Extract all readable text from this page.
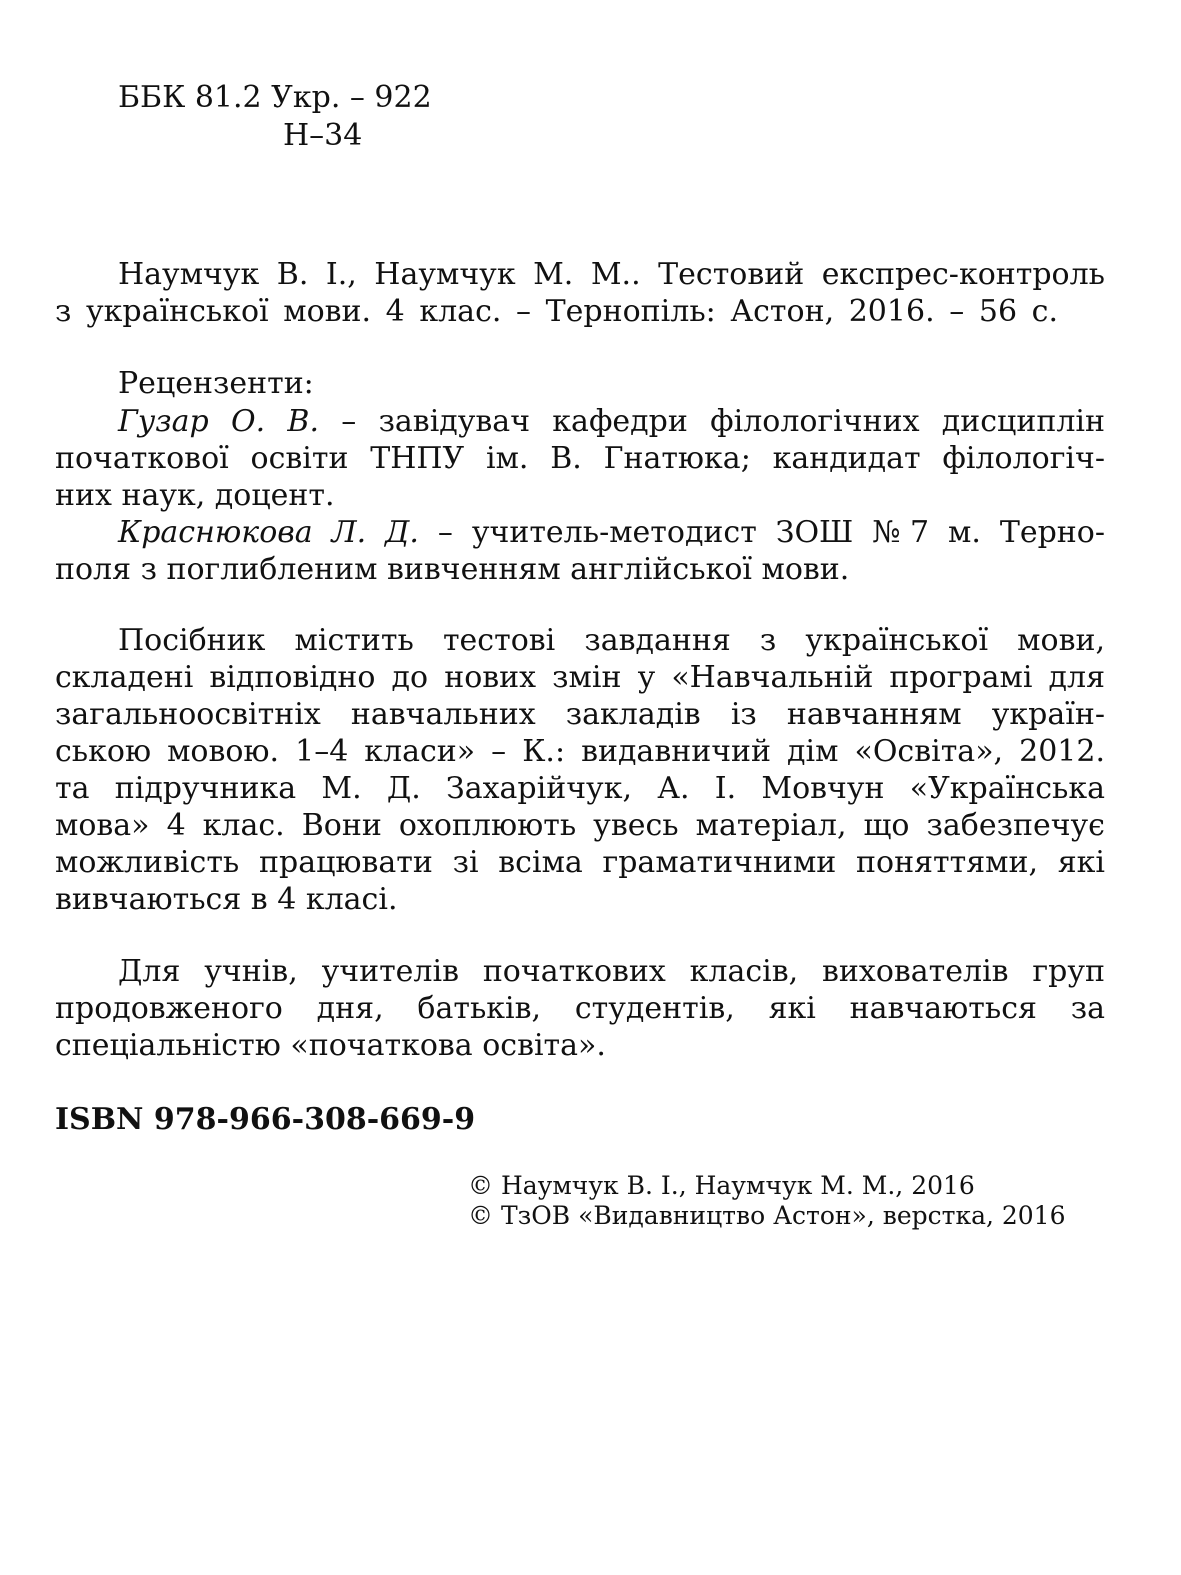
ББК 81.2 Укр. – 922
Н–34
Наумчук В. І., Наумчук М. М.. Тестовий експрес-контроль
з української мови. 4 клас. – Тернопіль: Астон, 2016. – 56 с.
Рецензенти:
Гузар О. В. – завідувач кафедри філологічних дисциплін
початкової освіти ТНПУ ім. В. Гнатюка; кандидат філологіч-
них наук, доцент.
Краснюкова Л. Д. – учитель-методист ЗОШ №7 м. Терно-
поля з поглибленим вивченням англійської мови.
Посібник містить тестові завдання з української мови,
складені відповідно до нових змін у «Навчальній програмі для
загальноосвітніх навчальних закладів із навчанням україн-
ською мовою. 1–4 класи» – К.: видавничий дім «Освіта», 2012.
та підручника М. Д. Захарійчук, А. І. Мовчун «Українська
мова» 4 клас. Вони охоплюють увесь матеріал, що забезпечує
можливість працювати зі всіма граматичними поняттями, які
вивчаються в 4 класі.
Для учнів, учителів початкових класів, вихователів груп
продовженого дня, батьків, студентів, які навчаються за
спеціальністю «початкова освіта».
ISBN 978-966-308-669-9
© Наумчук В. І., Наумчук М. М., 2016
© ТзОВ «Видавництво Астон», верстка, 2016
